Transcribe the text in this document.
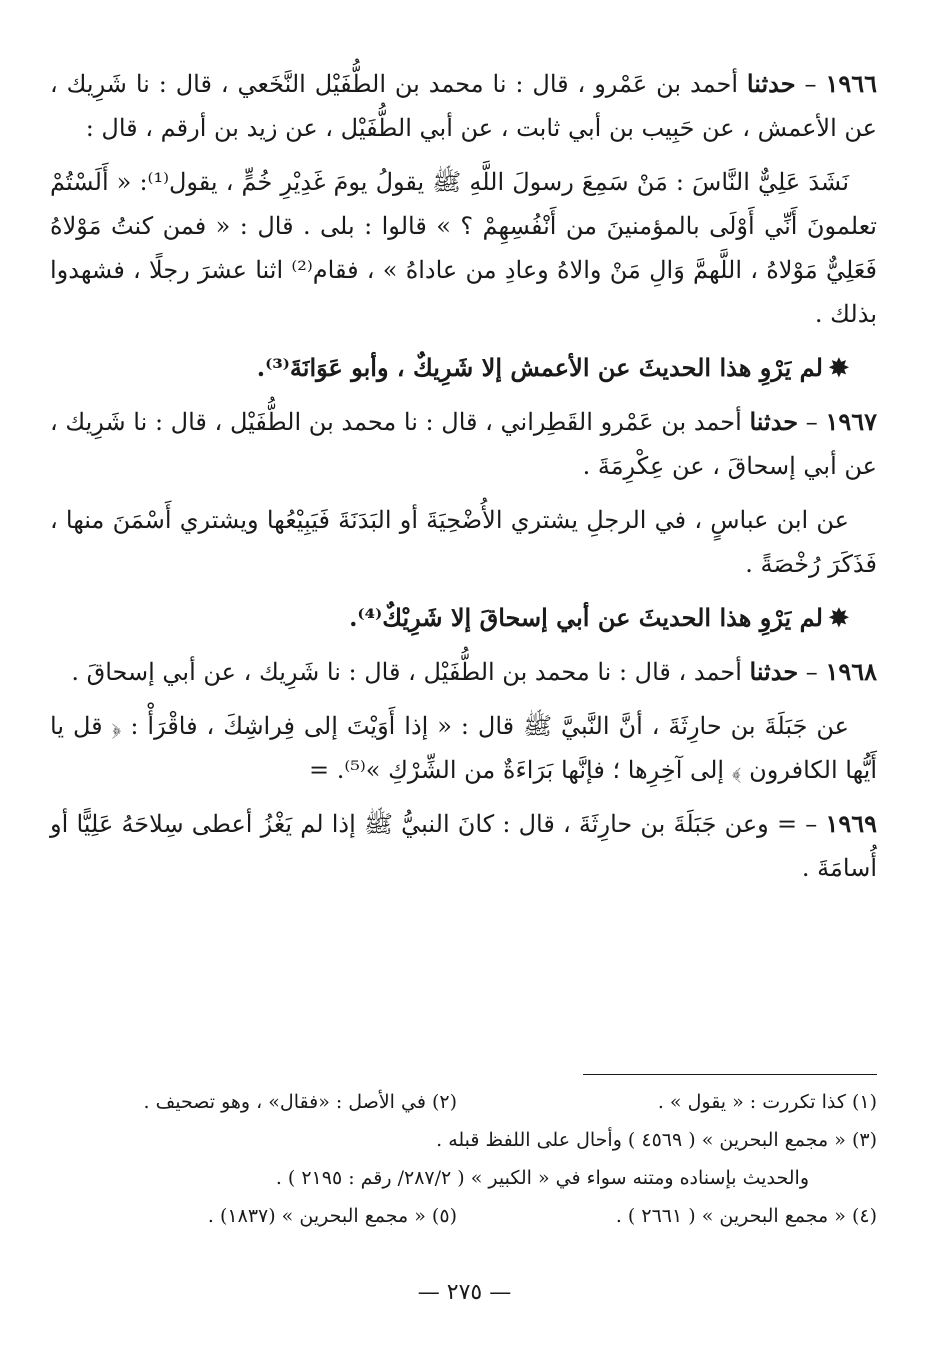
١٩٦٦ – حدثنا أحمد بن عَمْرو ، قال : نا محمد بن الطُّفَيْل النَّخَعي ، قال : نا شَرِيك ، عن الأعمش ، عن حَبِيب بن أبي ثابت ، عن أبي الطُّفَيْل ، عن زيد بن أرقم ، قال :

نَشَدَ عَلِيٌّ النَّاسَ : مَنْ سَمِعَ رسولَ اللَّهِ ﷺ يقولُ يومَ غَدِيْرِ خُمٍّ ، يقول⁽¹⁾: « أَلَسْتُمْ تعلمونَ أَنِّي أَوْلَى بالمؤمنينَ من أَنْفُسِهِمْ ؟ » قالوا : بلى . قال : « فمن كنتُ مَوْلاهُ فَعَلِيٌّ مَوْلاهُ ، اللَّهمَّ وَالِ مَنْ والاهُ وعادِ من عاداهُ » ، فقام⁽²⁾ اثنا عشرَ رجلًا ، فشهدوا بذلك .

✸لم يَرْوِ هذا الحديثَ عن الأعمش إلا شَرِيكٌ ، وأبو عَوَانَةَ⁽³⁾.

١٩٦٧ – حدثنا أحمد بن عَمْرو القَطِراني ، قال : نا محمد بن الطُّفَيْل ، قال : نا شَرِيك ، عن أبي إسحاقَ ، عن عِكْرِمَةَ .

عن ابن عباسٍ ، في الرجلِ يشتري الأُضْحِيَةَ أو البَدَنَةَ فَيَبِيْعُها ويشتري أَسْمَنَ منها ، فَذَكَرَ رُخْصَةً .

✸لم يَرْوِ هذا الحديثَ عن أبي إسحاقَ إلا شَرِيْكٌ⁽⁴⁾.

١٩٦٨ – حدثنا أحمد ، قال : نا محمد بن الطُّفَيْل ، قال : نا شَرِيك ، عن أبي إسحاقَ .

عن جَبَلَةَ بن حارِثَةَ ، أنَّ النَّبيَّ ﷺ قال : « إذا أَوَيْتَ إلى فِراشِكَ ، فاقْرَأْ : ﴿ قل يا أَيُّها الكافرون ﴾ إلى آخِرِها ؛ فإنَّها بَرَاءَةٌ من الشِّرْكِ »⁽⁵⁾. =

١٩٦٩ – = وعن جَبَلَةَ بن حارِثَةَ ، قال : كانَ النبيُّ ﷺ إذا لم يَغْزُ أعطى سِلاحَهُ عَلِيًّا أو أُسامَةَ .

(١) كذا تكررت : « يقول » .
(٢) في الأصل : «فقال» ، وهو تصحيف .
(٣) « مجمع البحرين » ( ٤٥٦٩ ) وأحال على اللفظ قبله .
والحديث بإسناده ومتنه سواء في « الكبير » ( ٢٨٧/٢/ رقم : ٢١٩٥ ) .
(٤) « مجمع البحرين » ( ٢٦٦١ ) .
(٥) « مجمع البحرين » (١٨٣٧) .
— ٢٧٥ —
